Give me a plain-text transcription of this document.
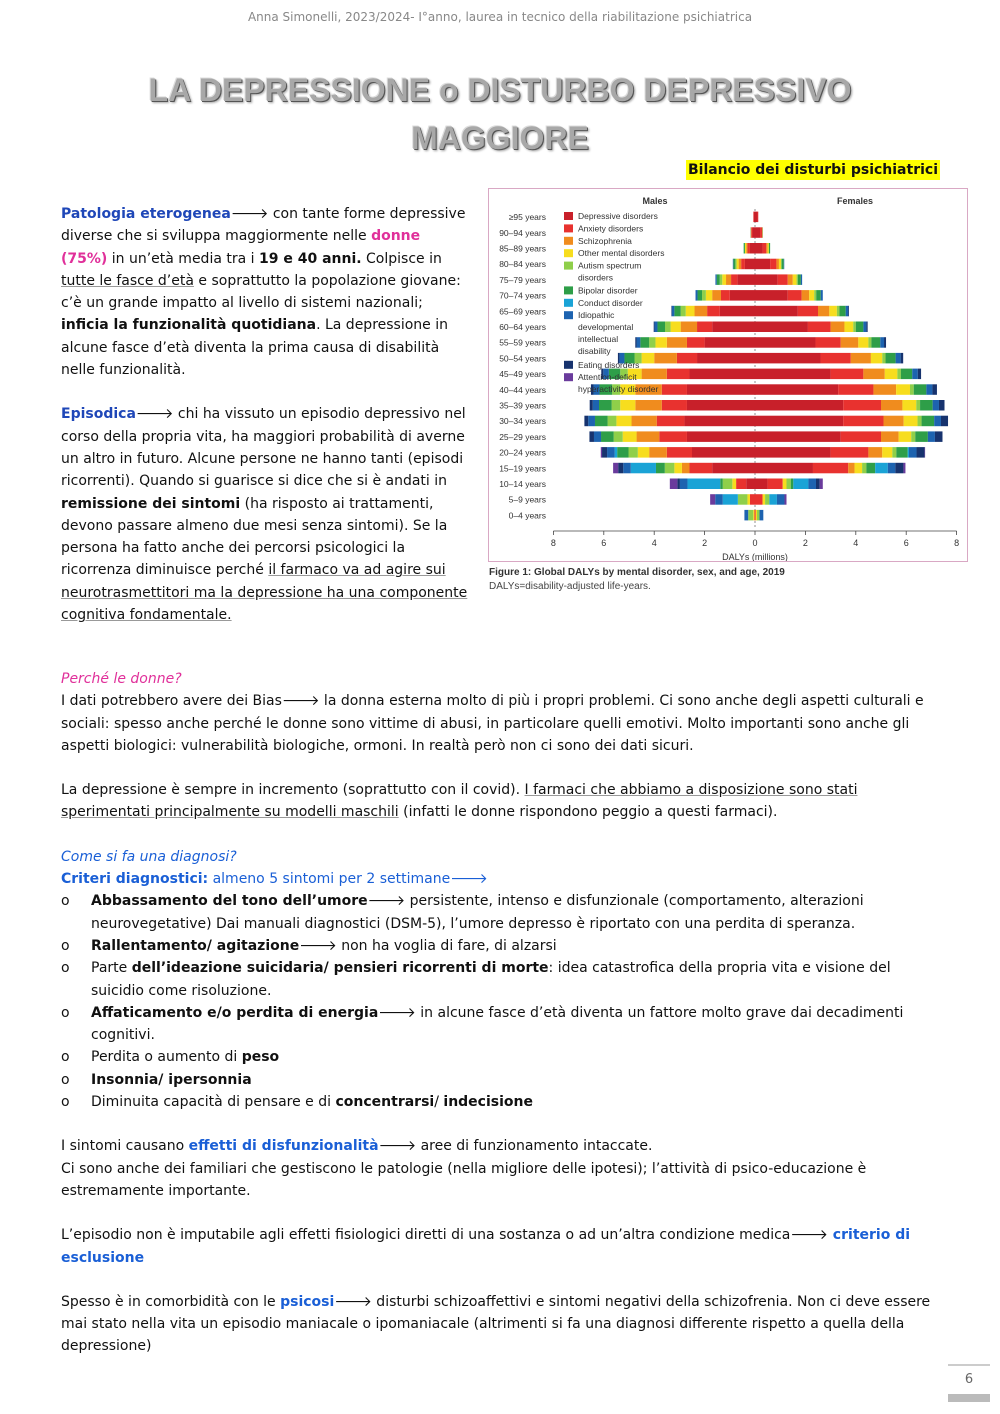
Anna Simonelli, 2023/2024- I°anno, laurea in tecnico della riabilitazione psichiatrica
LA DEPRESSIONE o DISTURBO DEPRESSIVO
MAGGIORE
Bilancio dei disturbi psichiatrici

Patologia eterogenea🡒 con tante forme depressive diverse che si sviluppa maggiormente nelle donne (75%) in un’età media tra i 19 e 40 anni. Colpisce in tutte le fasce d’età e soprattutto la popolazione giovane: c’è un grande impatto al livello di sistemi nazionali; inficia la funzionalità quotidiana. La depressione in alcune fasce d’età diventa la prima causa di disabilità nelle funzionalità.

Episodica🡒 chi ha vissuto un episodio depressivo nel corso della propria vita, ha maggiori probabilità di averne un altro in futuro. Alcune persone ne hanno tanti (episodi ricorrenti). Quando si guarisce si dice che si è andati in remissione dei sintomi (ha risposto ai trattamenti, devono passare almeno due mesi senza sintomi). Se la persona ha fatto anche dei percorsi psicologici la ricorrenza diminuisce perché il farmaco va ad agire sui neurotrasmettitori ma la depressione ha una componente cognitiva fondamentale.

Males	Females
≥95 years
90–94 years
85–89 years
80–84 years
75–79 years
70–74 years
65–69 years
60–64 years
55–59 years
50–54 years
45–49 years
40–44 years
35–39 years
30–34 years
25–29 years
20–24 years
15–19 years
10–14 years
5–9 years
0–4 years
8	6	4	2	0	2	4	6	8
DALYs (millions)
Depressive disorders
Anxiety disorders
Schizophrenia
Other mental disorders
Autism spectrum
disorders
Bipolar disorder
Conduct disorder
Idiopathic
developmental
intellectual
disability
Eating disorders
Attention-deficit
hyperactivity disorder
Figure 1: Global DALYs by mental disorder, sex, and age, 2019
DALYs=disability-adjusted life-years.

Perché le donne?

I dati potrebbero avere dei Bias🡒 la donna esterna molto di più i propri problemi. Ci sono anche degli aspetti culturali e sociali: spesso anche perché le donne sono vittime di abusi, in particolare quelli emotivi. Molto importanti sono anche gli aspetti biologici: vulnerabilità biologiche, ormoni. In realtà però non ci sono dei dati sicuri.

La depressione è sempre in incremento (soprattutto con il covid). I farmaci che abbiamo a disposizione sono stati sperimentati principalmente su modelli maschili (infatti le donne rispondono peggio a questi farmaci).

Come si fa una diagnosi?

Criteri diagnostici: almeno 5 sintomi per 2 settimane🡒

o Abbassamento del tono dell’umore🡒 persistente, intenso e disfunzionale (comportamento, alterazioni neurovegetative) Dai manuali diagnostici (DSM-5), l’umore depresso è riportato con una perdita di speranza.
o Rallentamento/ agitazione🡒 non ha voglia di fare, di alzarsi
o Parte dell’ideazione suicidaria/ pensieri ricorrenti di morte: idea catastrofica della propria vita e visione del suicidio come risoluzione.
o Affaticamento e/o perdita di energia🡒 in alcune fasce d’età diventa un fattore molto grave dai decadimenti cognitivi.
o Perdita o aumento di peso
o Insonnia/ ipersonnia
o Diminuita capacità di pensare e di concentrarsi/ indecisione

I sintomi causano effetti di disfunzionalità🡒 aree di funzionamento intaccate.

Ci sono anche dei familiari che gestiscono le patologie (nella migliore delle ipotesi); l’attività di psico-educazione è estremamente importante.

L’episodio non è imputabile agli effetti fisiologici diretti di una sostanza o ad un’altra condizione medica🡒 criterio di esclusione

Spesso è in comorbidità con le psicosi🡒 disturbi schizoaffettivi e sintomi negativi della schizofrenia. Non ci deve essere mai stato nella vita un episodio maniacale o ipomaniacale (altrimenti si fa una diagnosi differente rispetto a quella della depressione)

6
